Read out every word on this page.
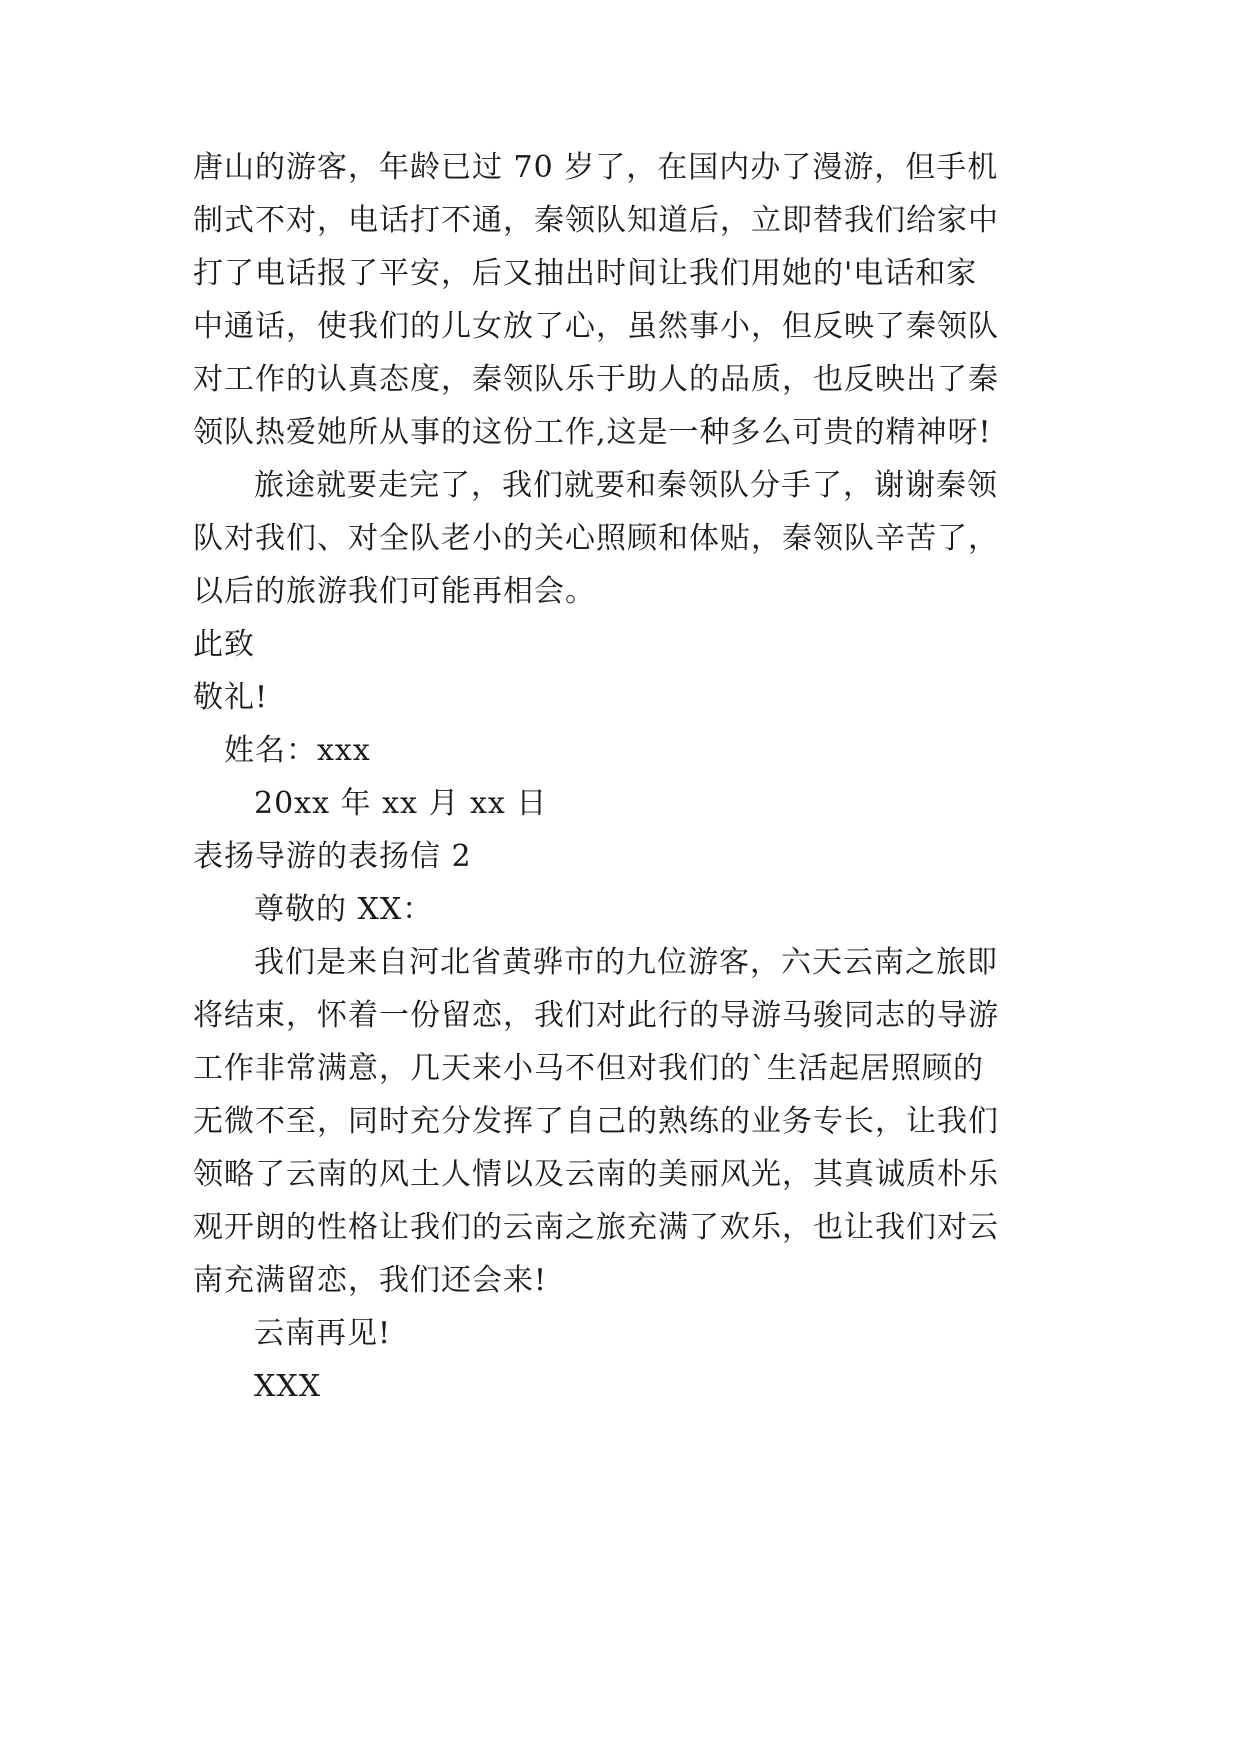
唐山的游客，年龄已过 70 岁了，在国内办了漫游，但手机

制式不对，电话打不通，秦领队知道后，立即替我们给家中

打了电话报了平安，后又抽出时间让我们用她的'电话和家

中通话，使我们的儿女放了心，虽然事小，但反映了秦领队

对工作的认真态度，秦领队乐于助人的品质，也反映出了秦

领队热爱她所从事的这份工作,这是一种多么可贵的精神呀!

旅途就要走完了，我们就要和秦领队分手了，谢谢秦领

队对我们、对全队老小的关心照顾和体贴，秦领队辛苦了，

以后的旅游我们可能再相会。

此致

敬礼!

姓名：xxx

20xx 年 xx 月 xx 日

表扬导游的表扬信 2

尊敬的 XX：

我们是来自河北省黄骅市的九位游客，六天云南之旅即

将结束，怀着一份留恋，我们对此行的导游马骏同志的导游

工作非常满意，几天来小马不但对我们的`生活起居照顾的

无微不至，同时充分发挥了自己的熟练的业务专长，让我们

领略了云南的风土人情以及云南的美丽风光，其真诚质朴乐

观开朗的性格让我们的云南之旅充满了欢乐，也让我们对云

南充满留恋，我们还会来!

云南再见!

XXX
